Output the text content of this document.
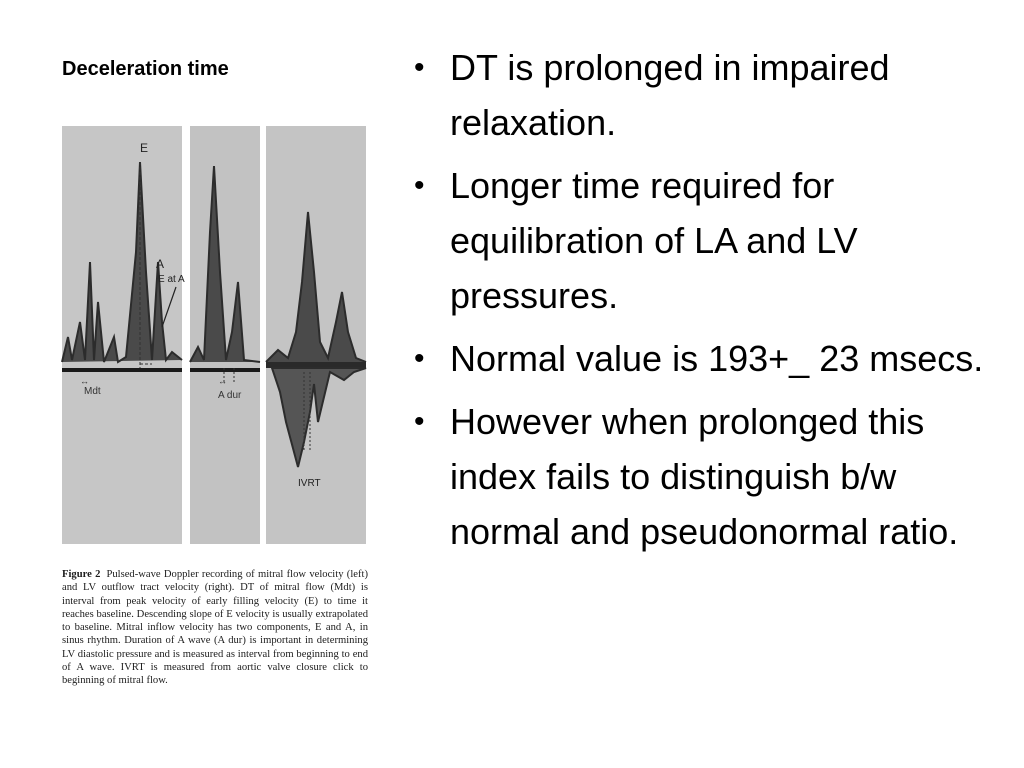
Deceleration time
E
A
E at A
Mdt	A dur
IVRT
↔	↔
Figure 2 Pulsed-wave Doppler recording of mitral flow velocity (left) and LV outflow tract velocity (right). DT of mitral flow (Mdt) is interval from peak velocity of early filling velocity (E) to time it reaches baseline. Descending slope of E velocity is usually extrapolated to baseline. Mitral inflow velocity has two components, E and A, in sinus rhythm. Duration of A wave (A dur) is important in determining LV diastolic pressure and is measured as interval from beginning to end of A wave. IVRT is measured from aortic valve closure click to beginning of mitral flow.
• DT is prolonged in impaired relaxation.
• Longer time required for equilibration of LA and LV pressures.
• Normal value is 193+_ 23 msecs.
• However when prolonged this index fails to distinguish b/w normal and pseudonormal ratio.
